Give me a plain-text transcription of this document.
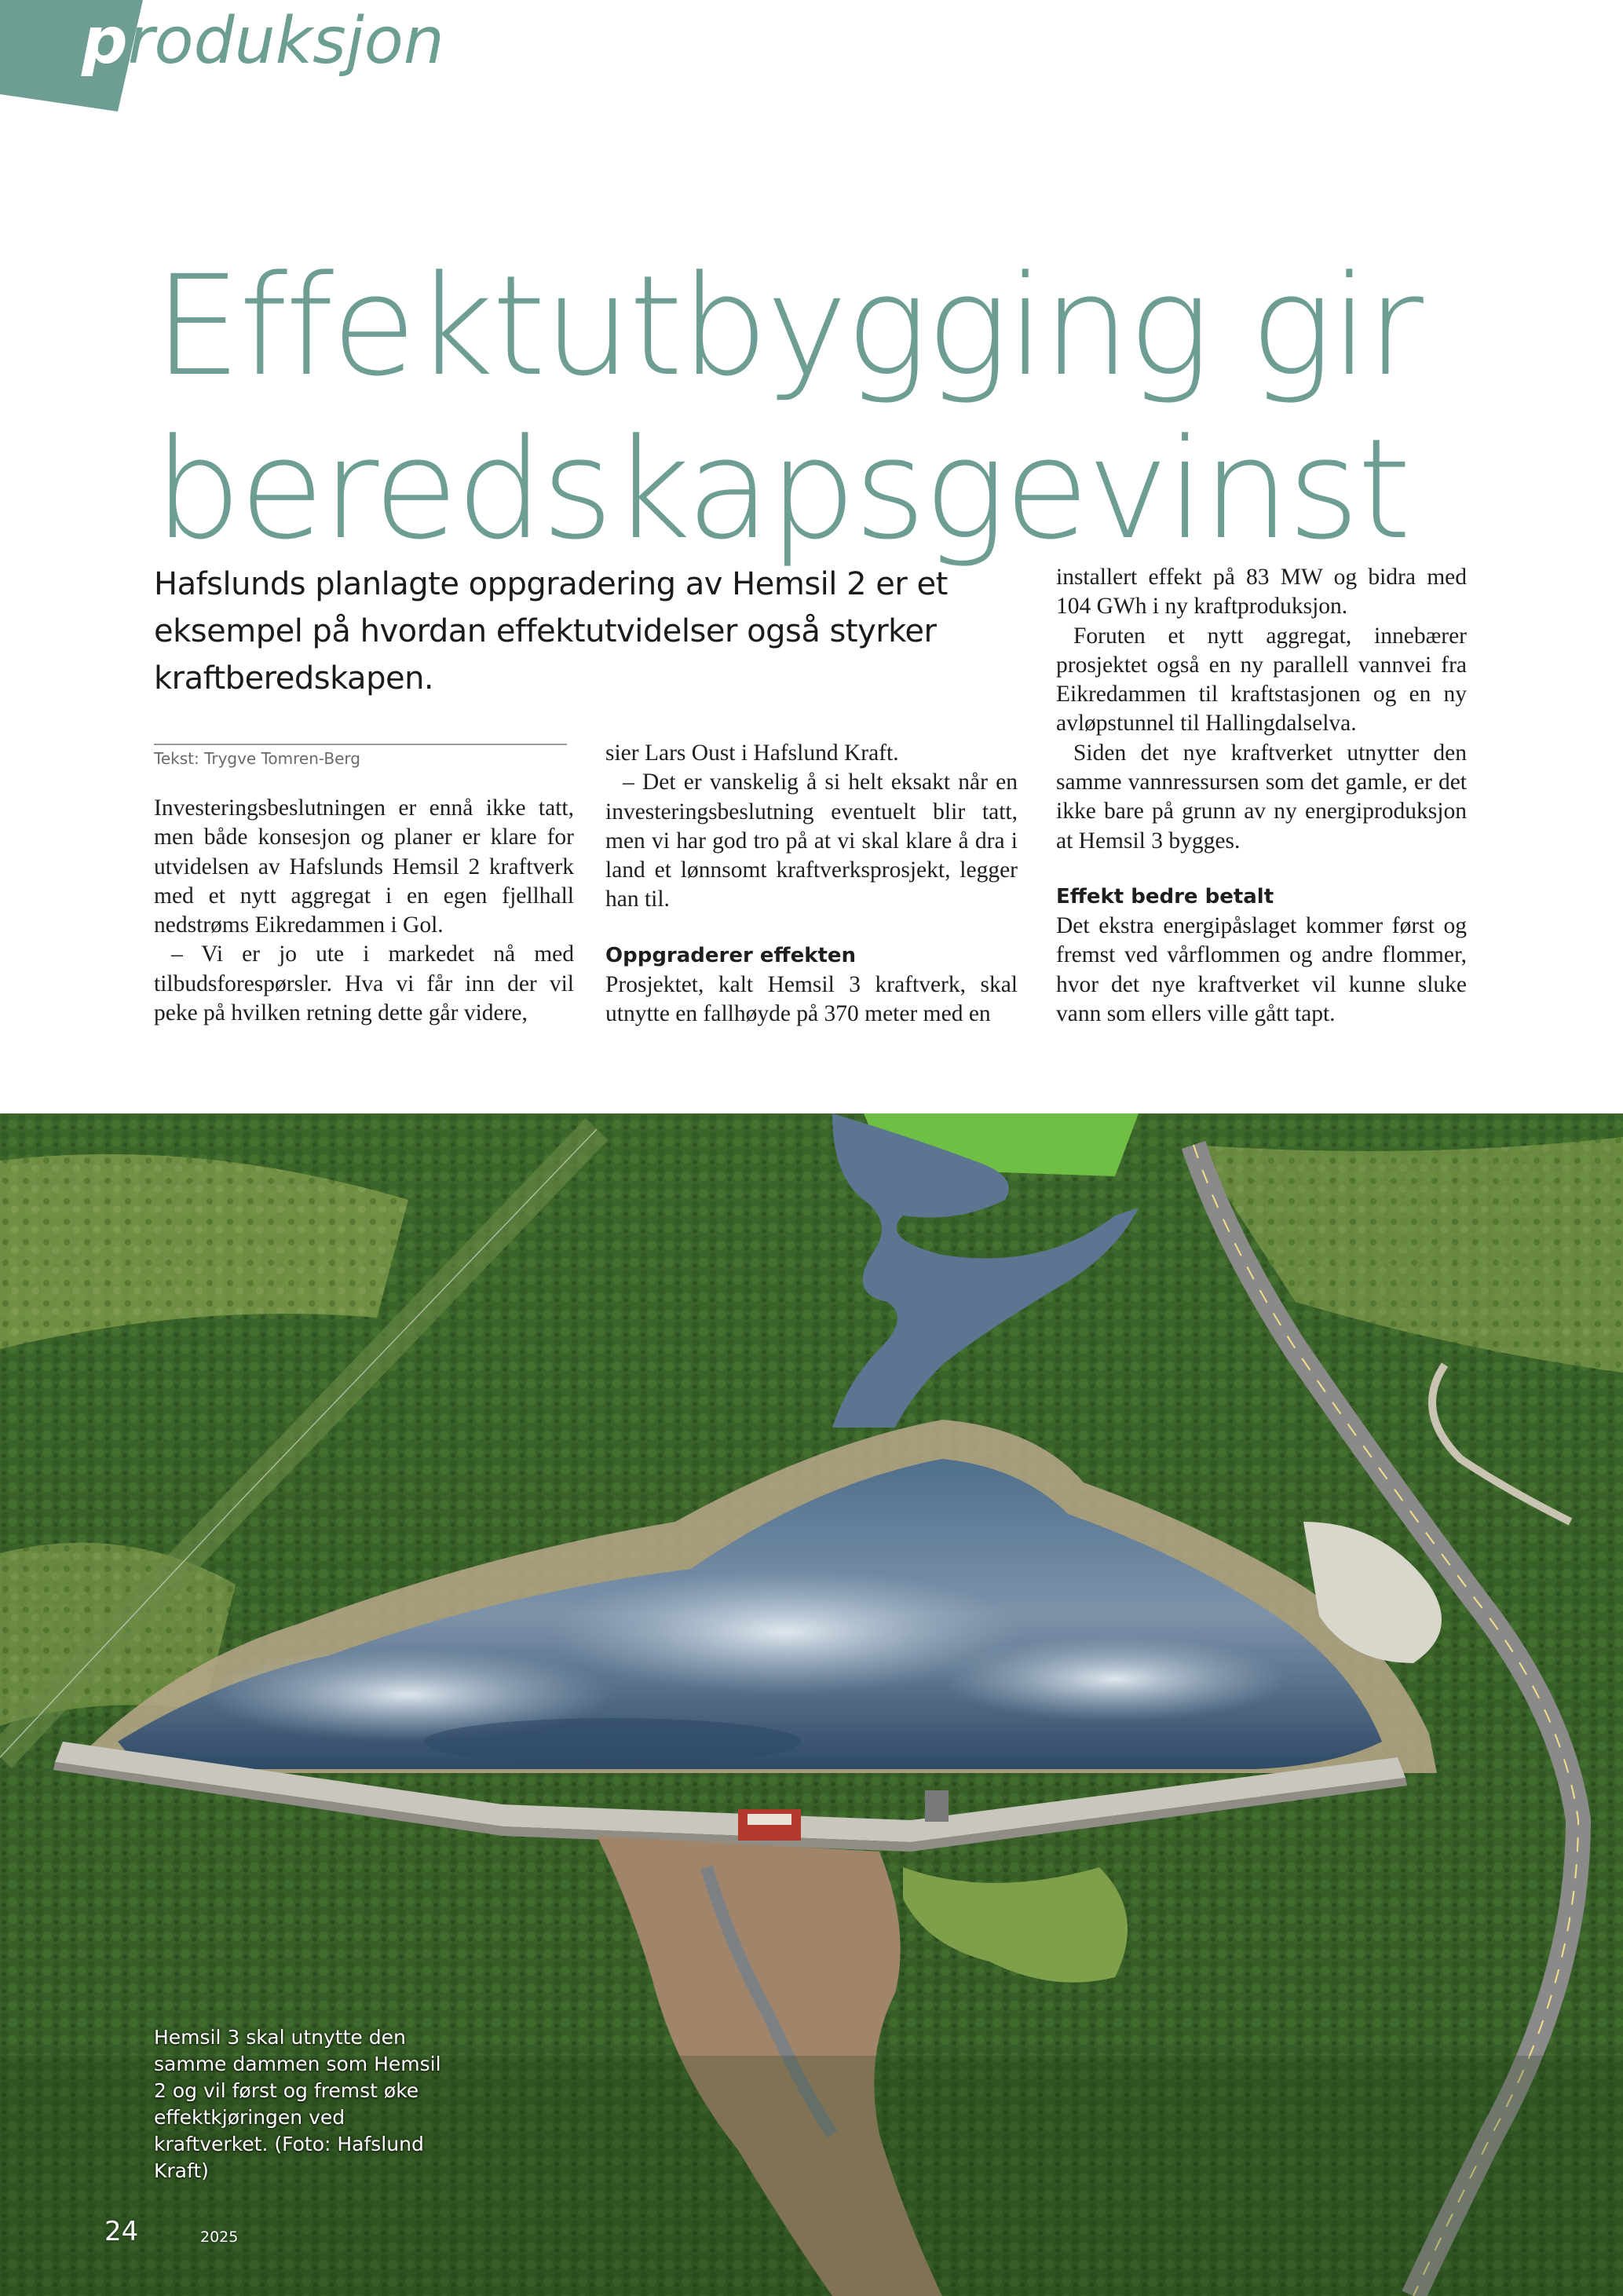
produksjon
Effektutbygging gir
beredskapsgevinst

Hafslunds planlagte oppgradering av Hemsil 2 er et eksempel på hvordan effektutvidelser også styrker kraftberedskapen.

Tekst: Trygve Tomren-Berg

Investeringsbeslutningen er ennå ikke tatt, men både konsesjon og planer er klare for utvidelsen av Hafslunds Hemsil 2 kraftverk med et nytt aggregat i en egen fjellhall nedstrøms Eikredammen i Gol.

– Vi er jo ute i markedet nå med tilbudsforespørsler. Hva vi får inn der vil peke på hvilken retning dette går videre,

sier Lars Oust i Hafslund Kraft.

– Det er vanskelig å si helt eksakt når en investeringsbeslutning eventuelt blir tatt, men vi har god tro på at vi skal klare å dra i land et lønnsomt kraftverksprosjekt, legger han til.

Oppgraderer effekten

Prosjektet, kalt Hemsil 3 kraftverk, skal utnytte en fallhøyde på 370 meter med en

installert effekt på 83 MW og bidra med 104 GWh i ny kraftproduksjon.

Foruten et nytt aggregat, innebærer prosjektet også en ny parallell vannvei fra Eikredammen til kraftstasjonen og en ny avløpstunnel til Hallingdalselva.

Siden det nye kraftverket utnytter den samme vannressursen som det gamle, er det ikke bare på grunn av ny energiproduksjon at Hemsil 3 bygges.

Effekt bedre betalt

Det ekstra energipåslaget kommer først og fremst ved vårflommen og andre flommer, hvor det nye kraftverket vil kunne sluke vann som ellers ville gått tapt.

Hemsil 3 skal utnytte den samme dammen som Hemsil 2 og vil først og fremst øke effektkjøringen ved kraftverket. (Foto: Hafslund Kraft)
24	2025
